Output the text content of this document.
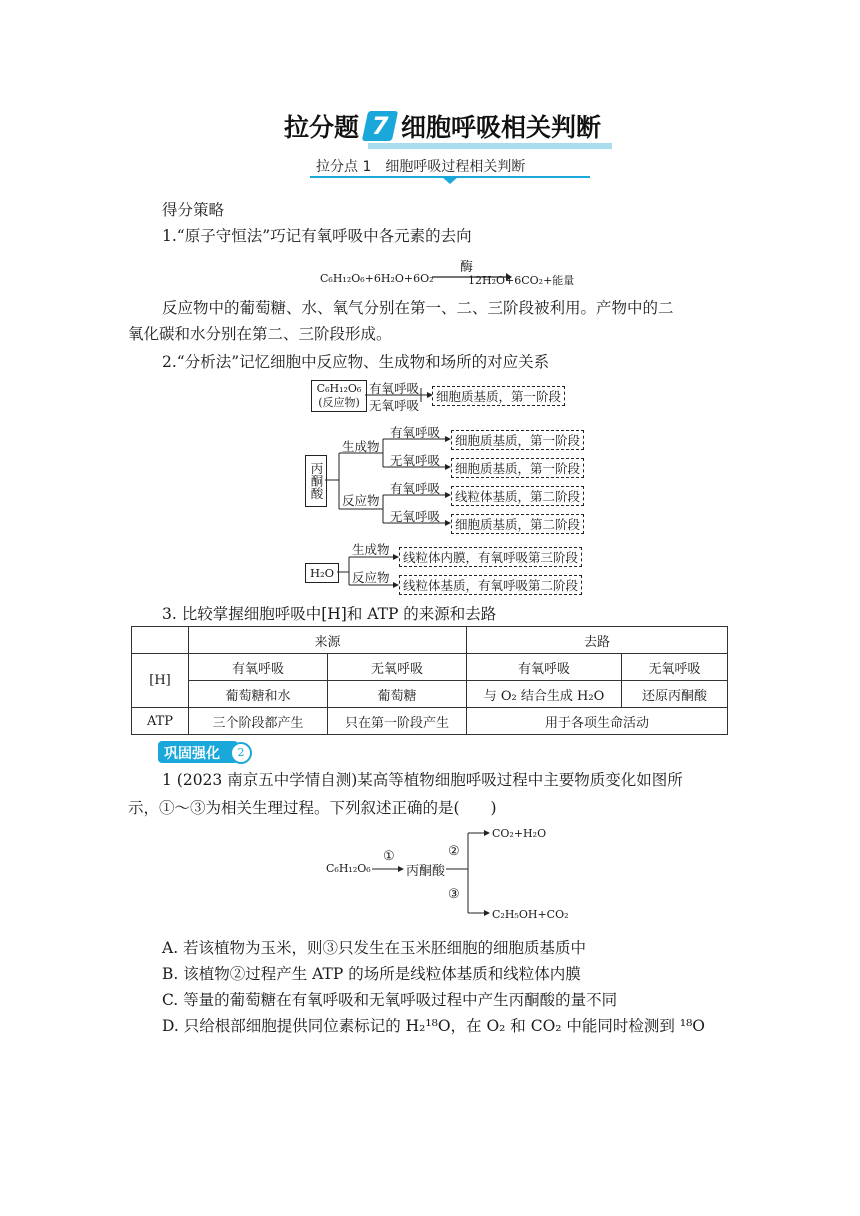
拉分题 7 细胞呼吸相关判断
拉分点 1　细胞呼吸过程相关判断
得分策略
1.“原子守恒法”巧记有氧呼吸中各元素的去向
C₆H₁₂O₆+6H₂O+6O₂
酶
12H₂O+6CO₂+能量
反应物中的葡萄糖、水、氧气分别在第一、二、三阶段被利用。产物中的二
氧化碳和水分别在第二、三阶段形成。
2.“分析法”记忆细胞中反应物、生成物和场所的对应关系
C₆H₁₂O₆
(反应物)
有氧呼吸
无氧呼吸
细胞质基质，第一阶段
丙酮酸
生成物
反应物
有氧呼吸
无氧呼吸
有氧呼吸
无氧呼吸
细胞质基质，第一阶段
细胞质基质，第一阶段
线粒体基质，第二阶段
细胞质基质，第二阶段
H₂O
生成物
反应物
线粒体内膜，有氧呼吸第三阶段
线粒体基质，有氧呼吸第二阶段
3. 比较掌握细胞呼吸中[H]和 ATP 的来源和去路
	来源		去路	
[H]	有氧呼吸	无氧呼吸	有氧呼吸	无氧呼吸
	葡萄糖和水	葡萄糖	与 O₂ 结合生成 H₂O	还原丙酮酸
ATP	三个阶段都产生	只在第一阶段产生	用于各项生命活动	
巩固强化	2
1 (2023 南京五中学情自测)某高等植物细胞呼吸过程中主要物质变化如图所
示，①～③为相关生理过程。下列叙述正确的是(　　)
C₆H₁₂O₆
①
丙酮酸
②
③
CO₂+H₂O
C₂H₅OH+CO₂
A. 若该植物为玉米，则③只发生在玉米胚细胞的细胞质基质中
B. 该植物②过程产生 ATP 的场所是线粒体基质和线粒体内膜
C. 等量的葡萄糖在有氧呼吸和无氧呼吸过程中产生丙酮酸的量不同
D. 只给根部细胞提供同位素标记的 H₂¹⁸O，在 O₂ 和 CO₂ 中能同时检测到 ¹⁸O
